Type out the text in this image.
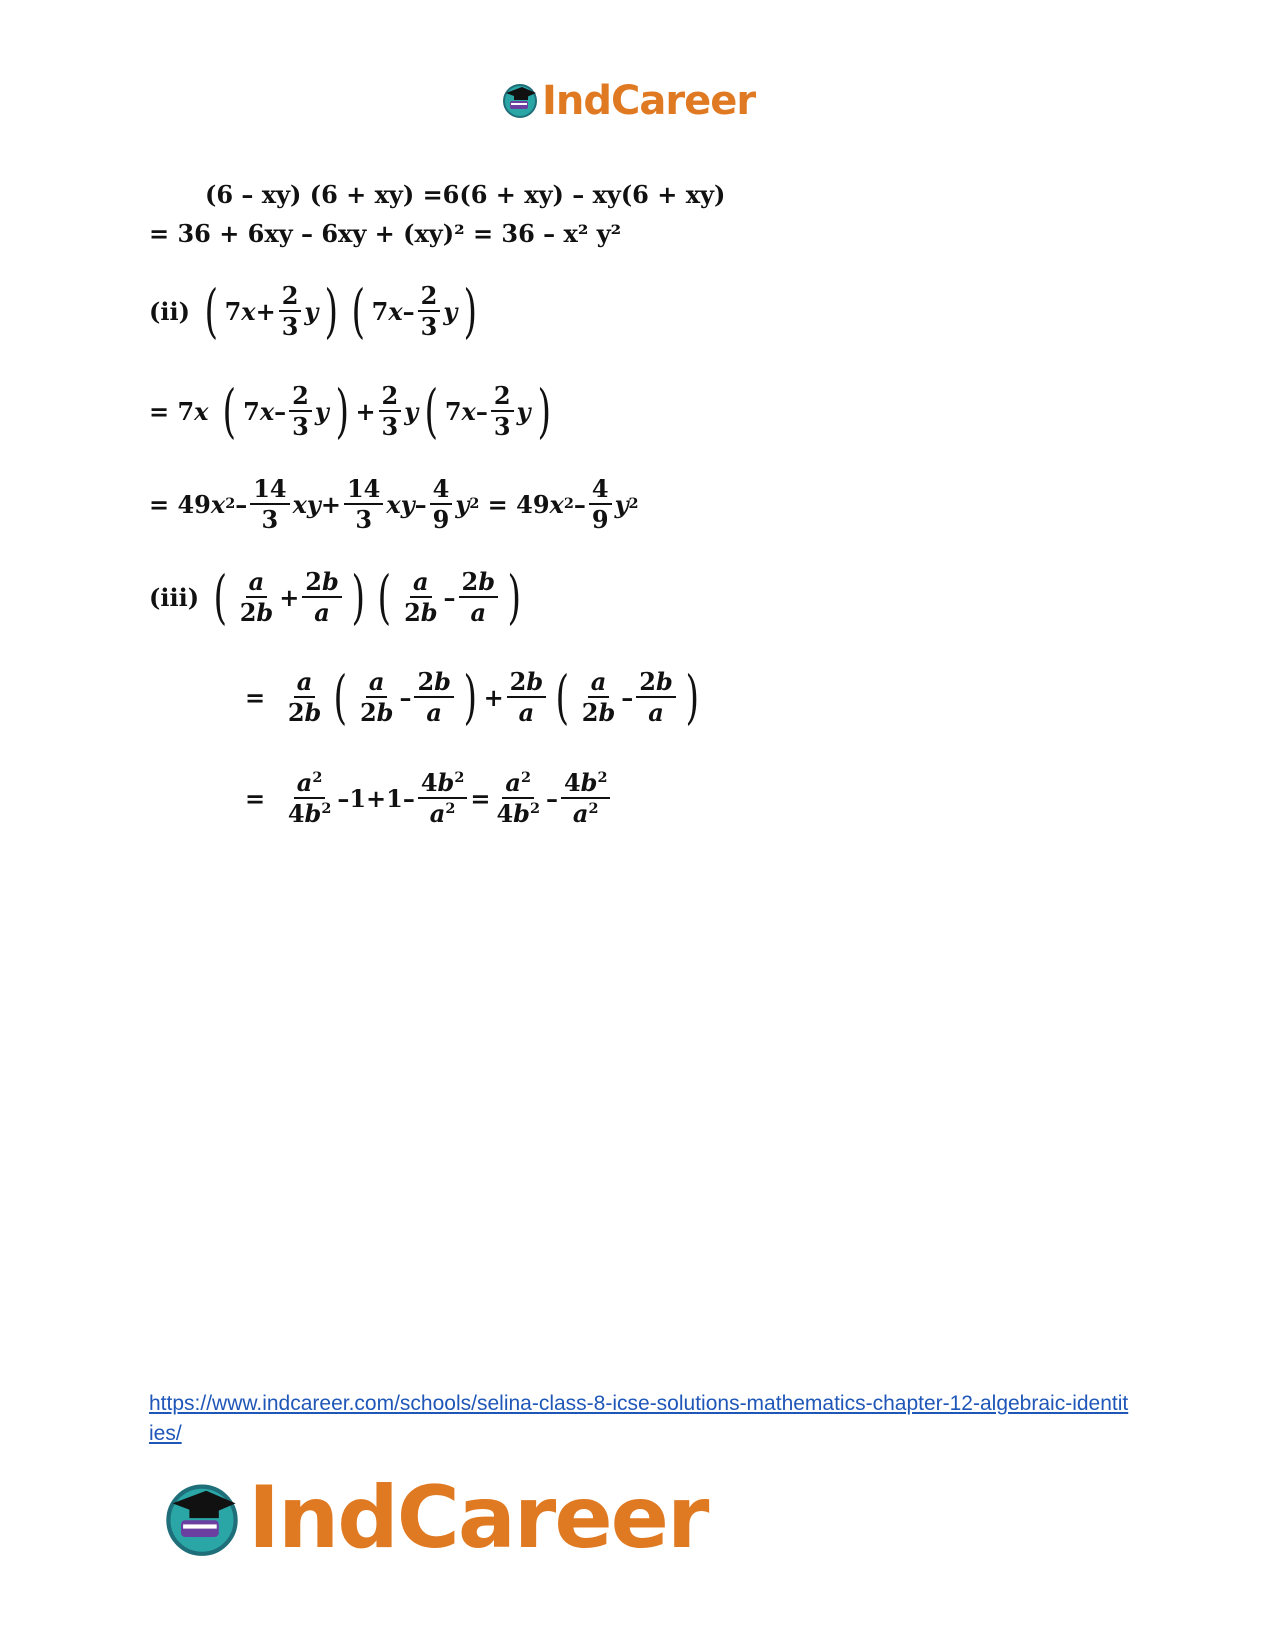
IndCareer
(6 – xy) (6 + xy) =6(6 + xy) – xy(6 + xy)
= 36 + 6xy – 6xy + (xy)² = 36 – x² y²
(ii) ( 7 $x + \frac{2}{3}$ y ) ( 7 x – $\frac{2}{3}$ y )
= 7 x ( 7 x – $\frac{2}{3}$ y ) + $\frac{2}{3}$ y ( 7 x – $\frac{2}{3}$ y )
= 49 x $2 - \frac{14}{3}$ xy + $\frac{14}{3}$ xy – $\frac{4}{9}$ y 2 = 49 x $2 - \frac{4}{9}$ y 2
(iii) ( $\frac{a}{2b} + \frac{2b}{a}$ ) ( $\frac{a}{2b} - \frac{2b}{a}$ )
= $\frac{a}{2b}$ ( $\frac{a}{2b} - \frac{2b}{a}$ ) + $\frac{2b}{a}$ ( $\frac{a}{2b} - \frac{2b}{a}$ )
= $\frac{a^2}{4b^2} -1+1- \frac{4b^2}{a^2} = \frac{a^2}{4b^2} - \frac{4b^2}{a^2}$
https://www.indcareer.com/schools/selina-class-8-icse-solutions-mathematics-chapter-12-algebraic-identities/
IndCareer
